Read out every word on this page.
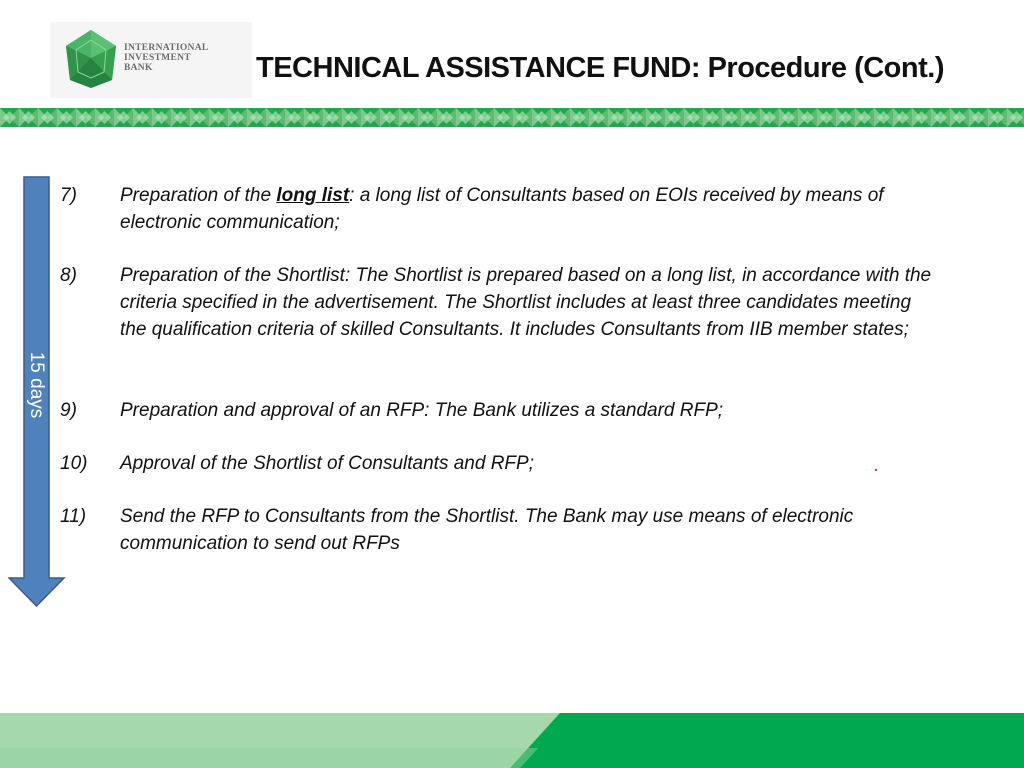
INTERNATIONAL
INVESTMENT
BANK	TECHNICAL ASSISTANCE FUND: Procedure (Cont.)
15 days
7)	Preparation of the long list: a long list of Consultants based on EOIs received by means of electronic communication;
8)	Preparation of the Shortlist: The Shortlist is prepared based on a long list, in accordance with the criteria specified in the advertisement. The Shortlist includes at least three candidates meeting the qualification criteria of skilled Consultants. It includes Consultants from IIB member states;
9)	Preparation and approval of an RFP: The Bank utilizes a standard RFP;
10)	Approval of the Shortlist of Consultants and RFP;
11)	Send the RFP to Consultants from the Shortlist. The Bank may use means of electronic communication to send out RFPs
.
